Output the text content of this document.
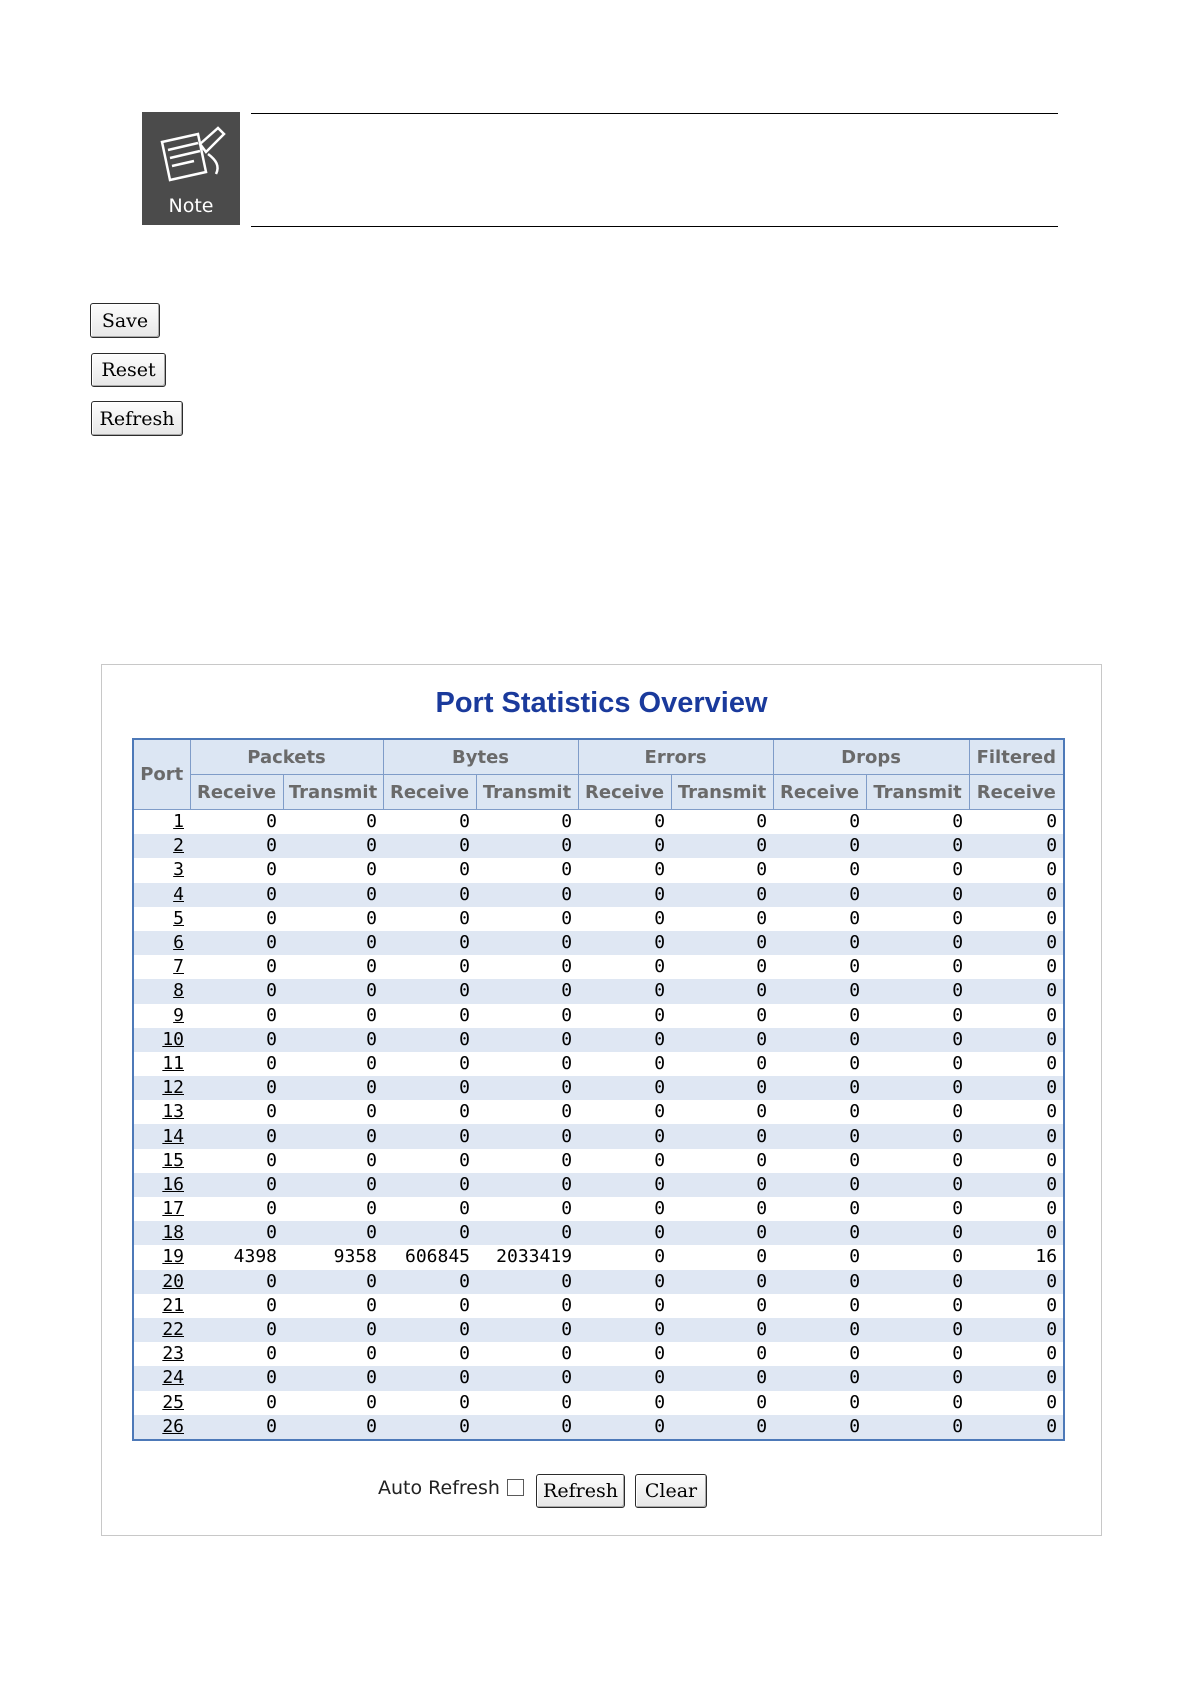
Note
Save
Reset
Refresh
Port Statistics Overview
Port	Packets		Bytes		Errors		Drops		Filtered
	Receive	Transmit	Receive	Transmit	Receive	Transmit	Receive	Transmit	Receive
1	0	0	0	0	0	0	0	0	0
2	0	0	0	0	0	0	0	0	0
3	0	0	0	0	0	0	0	0	0
4	0	0	0	0	0	0	0	0	0
5	0	0	0	0	0	0	0	0	0
6	0	0	0	0	0	0	0	0	0
7	0	0	0	0	0	0	0	0	0
8	0	0	0	0	0	0	0	0	0
9	0	0	0	0	0	0	0	0	0
10	0	0	0	0	0	0	0	0	0
11	0	0	0	0	0	0	0	0	0
12	0	0	0	0	0	0	0	0	0
13	0	0	0	0	0	0	0	0	0
14	0	0	0	0	0	0	0	0	0
15	0	0	0	0	0	0	0	0	0
16	0	0	0	0	0	0	0	0	0
17	0	0	0	0	0	0	0	0	0
18	0	0	0	0	0	0	0	0	0
19	4398	9358	606845	2033419	0	0	0	0	16
20	0	0	0	0	0	0	0	0	0
21	0	0	0	0	0	0	0	0	0
22	0	0	0	0	0	0	0	0	0
23	0	0	0	0	0	0	0	0	0
24	0	0	0	0	0	0	0	0	0
25	0	0	0	0	0	0	0	0	0
26	0	0	0	0	0	0	0	0	0
Auto Refresh	Refresh	Clear
